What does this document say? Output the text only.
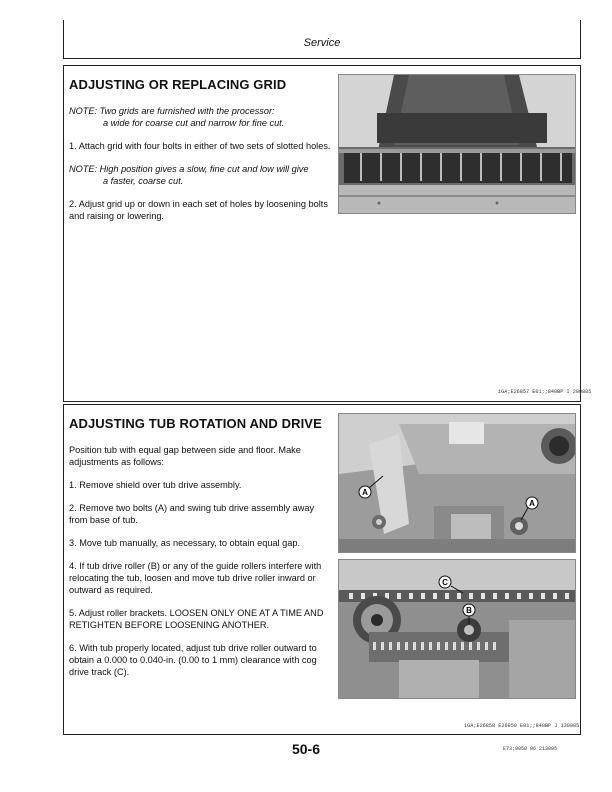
Service
ADJUSTING OR REPLACING GRID
NOTE: Two grids are furnished with the processor:
a wide for coarse cut and narrow for fine cut.
1. Attach grid with four bolts in either of two sets of slotted holes.
NOTE: High position gives a slow, fine cut and low will give
a faster, coarse cut.
2. Adjust grid up or down in each set of holes by loosening bolts and raising or lowering.
1GA;E26857 E01;;840BP I 280885
ADJUSTING TUB ROTATION AND DRIVE
Position tub with equal gap between side and floor. Make adjustments as follows:
1. Remove shield over tub drive assembly.
2. Remove two bolts (A) and swing tub drive assembly away from base of tub.
3. Move tub manually, as necessary, to obtain equal gap.
4. If tub drive roller (B) or any of the guide rollers interfere with relocating the tub, loosen and move tub drive roller inward or outward as required.
5. Adjust roller brackets. LOOSEN ONLY ONE AT A TIME AND RETIGHTEN BEFORE LOOSENING ANOTHER.
6. With tub properly located, adjust tub drive roller outward to obtain a 0.000 to 0.040-in. (0.00 to 1 mm) clearance with cog drive track (C).
A
A
C
B
1GA;E26858 E26859 E01;;840BP J 130985
50-6	E73;0050 06 213095
